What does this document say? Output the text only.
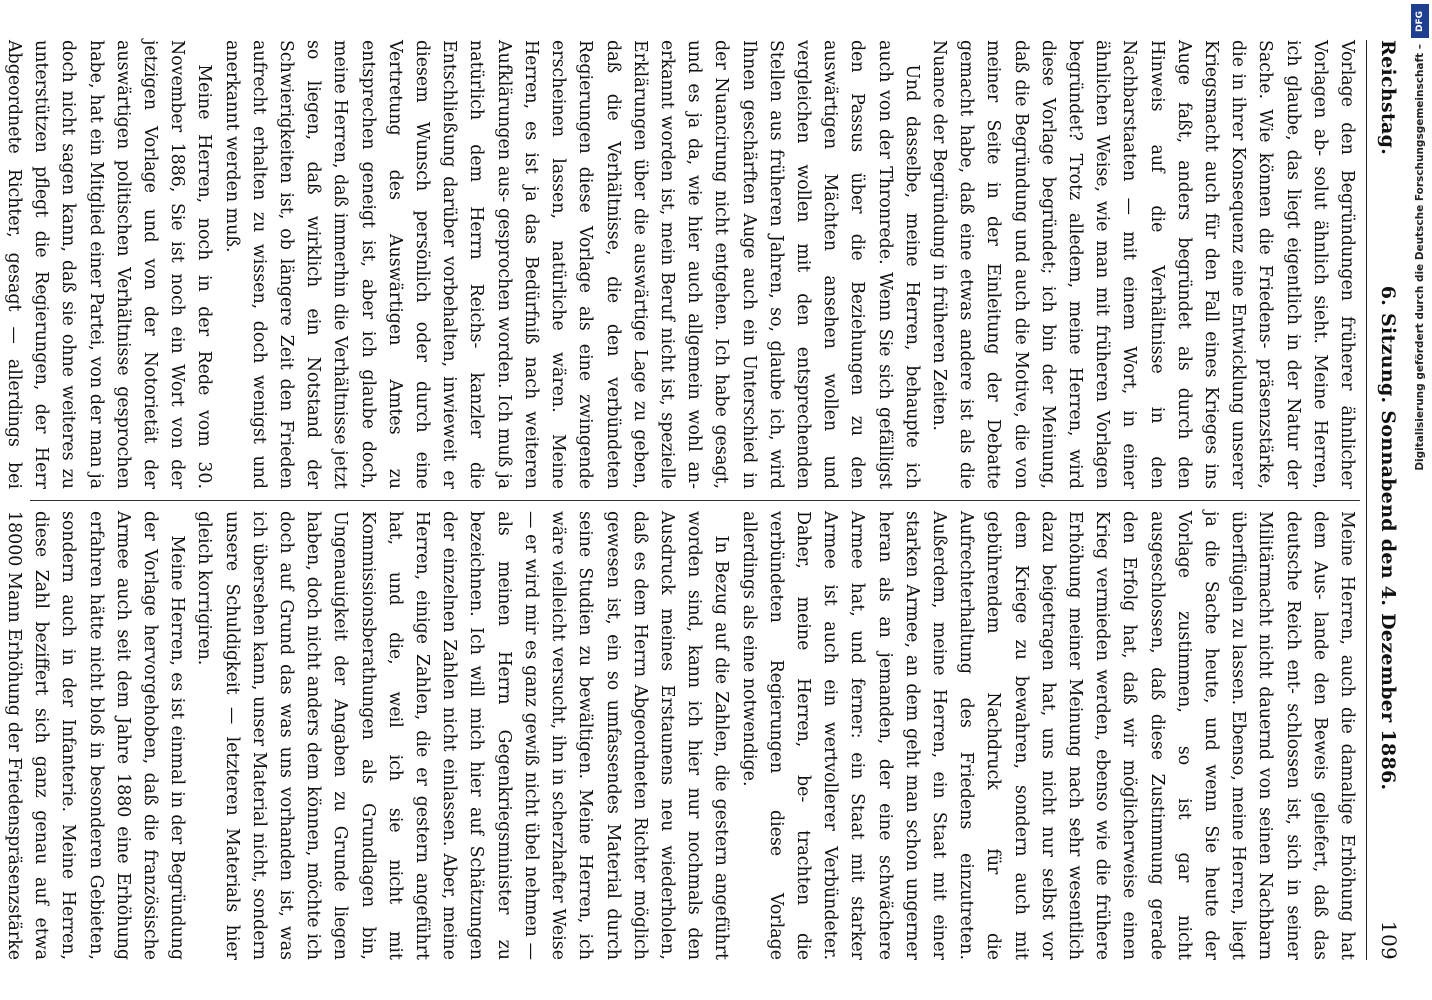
Reichstag.
6. Sitzung. Sonnabend den 4. Dezember 1886.
109

Vorlage den Begründungen früherer ähnlicher Vorlagen ab- solut ähnlich sieht. Meine Herren, ich glaube, das liegt eigentlich in der Natur der Sache. Wie können die Friedens- präsenzstärke, die in ihrer Konsequenz eine Entwicklung unserer Kriegsmacht auch für den Fall eines Krieges ins Auge faßt, anders begründet als durch den Hinweis auf die Verhältnisse in den Nachbarstaaten — mit einem Wort, in einer ähnlichen Weise, wie man mit früheren Vorlagen begründet? Trotz alledem, meine Herren, wird diese Vorlage begründet; ich bin der Meinung, daß die Begründung und auch die Motive, die von meiner Seite in der Einleitung der Debatte gemacht habe, daß eine etwas andere ist als die Nuance der Begründung in früheren Zeiten.

Und dasselbe, meine Herren, behaupte ich auch von der Thronrede. Wenn Sie sich gefälligst den Passus über die Beziehungen zu den auswärtigen Mächten ansehen wollen und vergleichen wollen mit den entsprechenden Stellen aus früheren Jahren, so, glaube ich, wird Ihnen geschärften Auge auch ein Unterschied in der Nuancirung nicht entgehen. Ich habe gesagt, und es ja da, wie hier auch allgemein wohl an- erkannt worden ist, mein Beruf nicht ist, spezielle Erklärungen über die auswärtige Lage zu geben, daß die Verhältnisse, die den verbündeten Regierungen diese Vorlage als eine zwingende erscheinen lassen, natürliche wären. Meine Herren, es ist ja das Bedürfniß nach weiteren Aufklärungen aus- gesprochen worden. Ich muß ja natürlich dem Herrn Reichs- kanzler die Entschließung darüber vorbehalten, inwieweit er diesem Wunsch persönlich oder durch eine Vertretung des Auswärtigen Amtes zu entsprechen geneigt ist, aber ich glaube doch, meine Herren, daß immerhin die Verhältnisse jetzt so liegen, daß wirklich ein Notstand der Schwierigkeiten ist, ob längere Zeit den Frieden aufrecht erhalten zu wissen, doch wenigst und anerkannt werden muß.

Meine Herren, noch in der Rede vom 30. November 1886, Sie ist noch ein Wort von der jetzigen Vorlage und von der Notorietät der auswärtigen politischen Verhältnisse gesprochen habe, hat ein Mitglied einer Partei, von der man ja doch nicht sagen kann, daß sie ohne weiteres zu unterstützen pflegt die Regierungen, der Herr Abgeordnete Richter, gesagt — allerdings bei

Meine Herren, auch die damalige Erhöhung hat dem Aus- lande den Beweis geliefert, daß das deutsche Reich ent- schlossen ist, sich in seiner Militärmacht nicht dauernd von seinen Nachbarn überflügeln zu lassen. Ebenso, meine Herren, liegt ja die Sache heute, und wenn Sie heute der Vorlage zustimmen, so ist gar nicht ausgeschlossen, daß diese Zustimmung gerade den Erfolg hat, daß wir möglicherweise einen Krieg vermieden werden, ebenso wie die frühere Erhöhung meiner Meinung nach sehr wesentlich dazu beigetragen hat, uns nicht nur selbst vor dem Kriege zu bewahren, sondern auch mit gebührendem Nachdruck für die Aufrechterhaltung des Friedens einzutreten. Außerdem, meine Herren, ein Staat mit einer starken Armee, an dem geht man schon ungerner heran als an jemanden, der eine schwächere Armee hat, und ferner: ein Staat mit starker Armee ist auch ein wertvollerer Verbündeter. Daher, meine Herren, be- trachten die verbündeten Regierungen diese Vorlage allerdings als eine notwendige.

In Bezug auf die Zahlen, die gestern angeführt worden sind, kann ich hier nur nochmals den Ausdruck meines Erstaunens neu wiederholen, daß es dem Herrn Abgeordneten Richter möglich gewesen ist, ein so umfassendes Material durch seine Studien zu bewältigen. Meine Herren, ich wäre vielleicht versucht, ihn in scherzhafter Weise — er wird mir es ganz gewiß nicht übel nehmen — als meinen Herrn Gegenkriegsminister zu bezeichnen. Ich will mich hier auf Schätzungen der einzelnen Zahlen nicht einlassen. Aber, meine Herren, einige Zahlen, die er gestern angeführt hat, und die, weil ich sie nicht mit Kommissionsberathungen als Grundlagen bin, Ungenauigkeit der Angaben zu Grunde liegen haben, doch nicht anders dem können, möchte ich doch auf Grund das was uns vorhanden ist, was ich übersehen kann, unser Material nicht, sondern unsere Schuldigkeit — letzteren Materials hier gleich korrigiren.

Meine Herren, es ist einmal in der Begründung der Vorlage hervorgehoben, daß die französische Armee auch seit dem Jahre 1880 eine Erhöhung erfahren hätte nicht bloß in besonderen Gebieten, sondern auch in der Infanterie. Meine Herren, diese Zahl beziffert sich ganz genau auf etwa 18000 Mann Erhöhung der Friedenspräsenzstärke

DFG
Digitalisierung gefördert durch die Deutsche Forschungsgemeinschaft –
